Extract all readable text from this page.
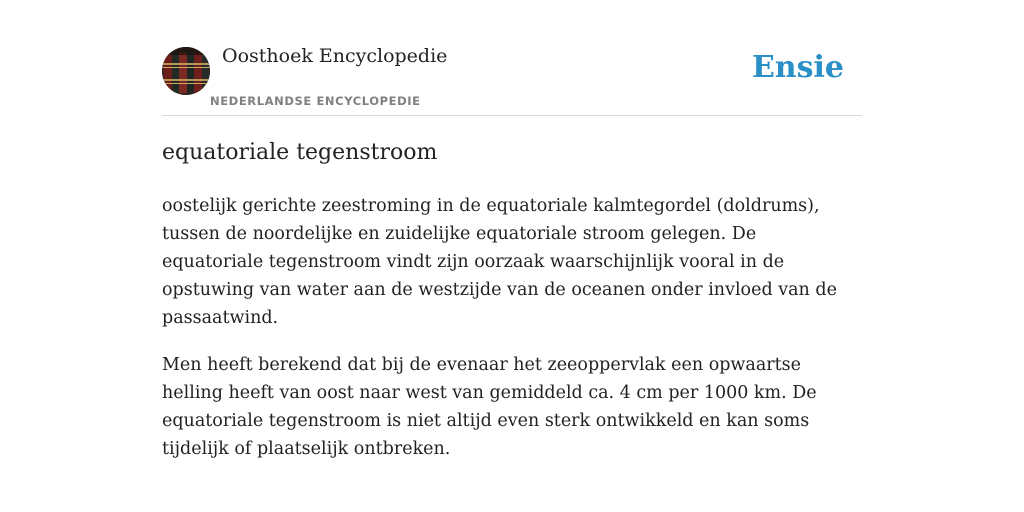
Oosthoek Encyclopedie
NEDERLANDSE ENCYCLOPEDIE
Ensie
equatoriale tegenstroom

oostelijk gerichte zeestroming in de equatoriale kalmtegordel (doldrums), tussen de noordelijke en zuidelijke equatoriale stroom gelegen. De equatoriale tegenstroom vindt zijn oorzaak waarschijnlijk vooral in de opstuwing van water aan de westzijde van de oceanen onder invloed van de passaatwind.

Men heeft berekend dat bij de evenaar het zeeoppervlak een opwaartse helling heeft van oost naar west van gemiddeld ca. 4 cm per 1000 km. De equatoriale tegenstroom is niet altijd even sterk ontwikkeld en kan soms tijdelijk of plaatselijk ontbreken.
